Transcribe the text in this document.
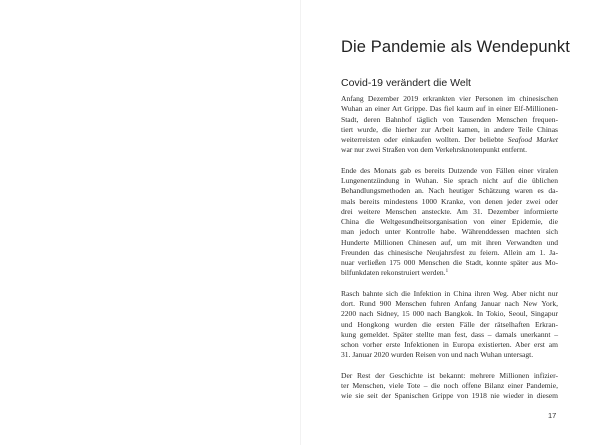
Die Pandemie als Wendepunkt
Covid-19 verändert die Welt

Anfang Dezember 2019 erkrankten vier Personen im chinesischen
Wuhan an einer Art Grippe. Das fiel kaum auf in einer Elf-Millionen-
Stadt, deren Bahnhof täglich von Tausenden Menschen frequen-
tiert wurde, die hierher zur Arbeit kamen, in andere Teile Chinas
weiterreisten oder einkaufen wollten. Der beliebte Seafood Market
war nur zwei Straßen von dem Verkehrsknotenpunkt entfernt.

Ende des Monats gab es bereits Dutzende von Fällen einer viralen
Lungenentzündung in Wuhan. Sie sprach nicht auf die üblichen
Behandlungsmethoden an. Nach heutiger Schätzung waren es da-
mals bereits mindestens 1000 Kranke, von denen jeder zwei oder
drei weitere Menschen ansteckte. Am 31. Dezember informierte
China die Weltgesundheitsorganisation von einer Epidemie, die
man jedoch unter Kontrolle habe. Währenddessen machten sich
Hunderte Millionen Chinesen auf, um mit ihren Verwandten und
Freunden das chinesische Neujahrsfest zu feiern. Allein am 1. Ja-
nuar verließen 175 000 Menschen die Stadt, konnte später aus Mo-
bilfunkdaten rekonstruiert werden.$^1$

Rasch bahnte sich die Infektion in China ihren Weg. Aber nicht nur
dort. Rund 900 Menschen fuhren Anfang Januar nach New York,
2200 nach Sidney, 15 000 nach Bangkok. In Tokio, Seoul, Singapur
und Hongkong wurden die ersten Fälle der rätselhaften Erkran-
kung gemeldet. Später stellte man fest, dass – damals unerkannt –
schon vorher erste Infektionen in Europa existierten. Aber erst am
31. Januar 2020 wurden Reisen von und nach Wuhan untersagt.

Der Rest der Geschichte ist bekannt: mehrere Millionen infizier-
ter Menschen, viele Tote – die noch offene Bilanz einer Pandemie,
wie sie seit der Spanischen Grippe von 1918 nie wieder in diesem

17
